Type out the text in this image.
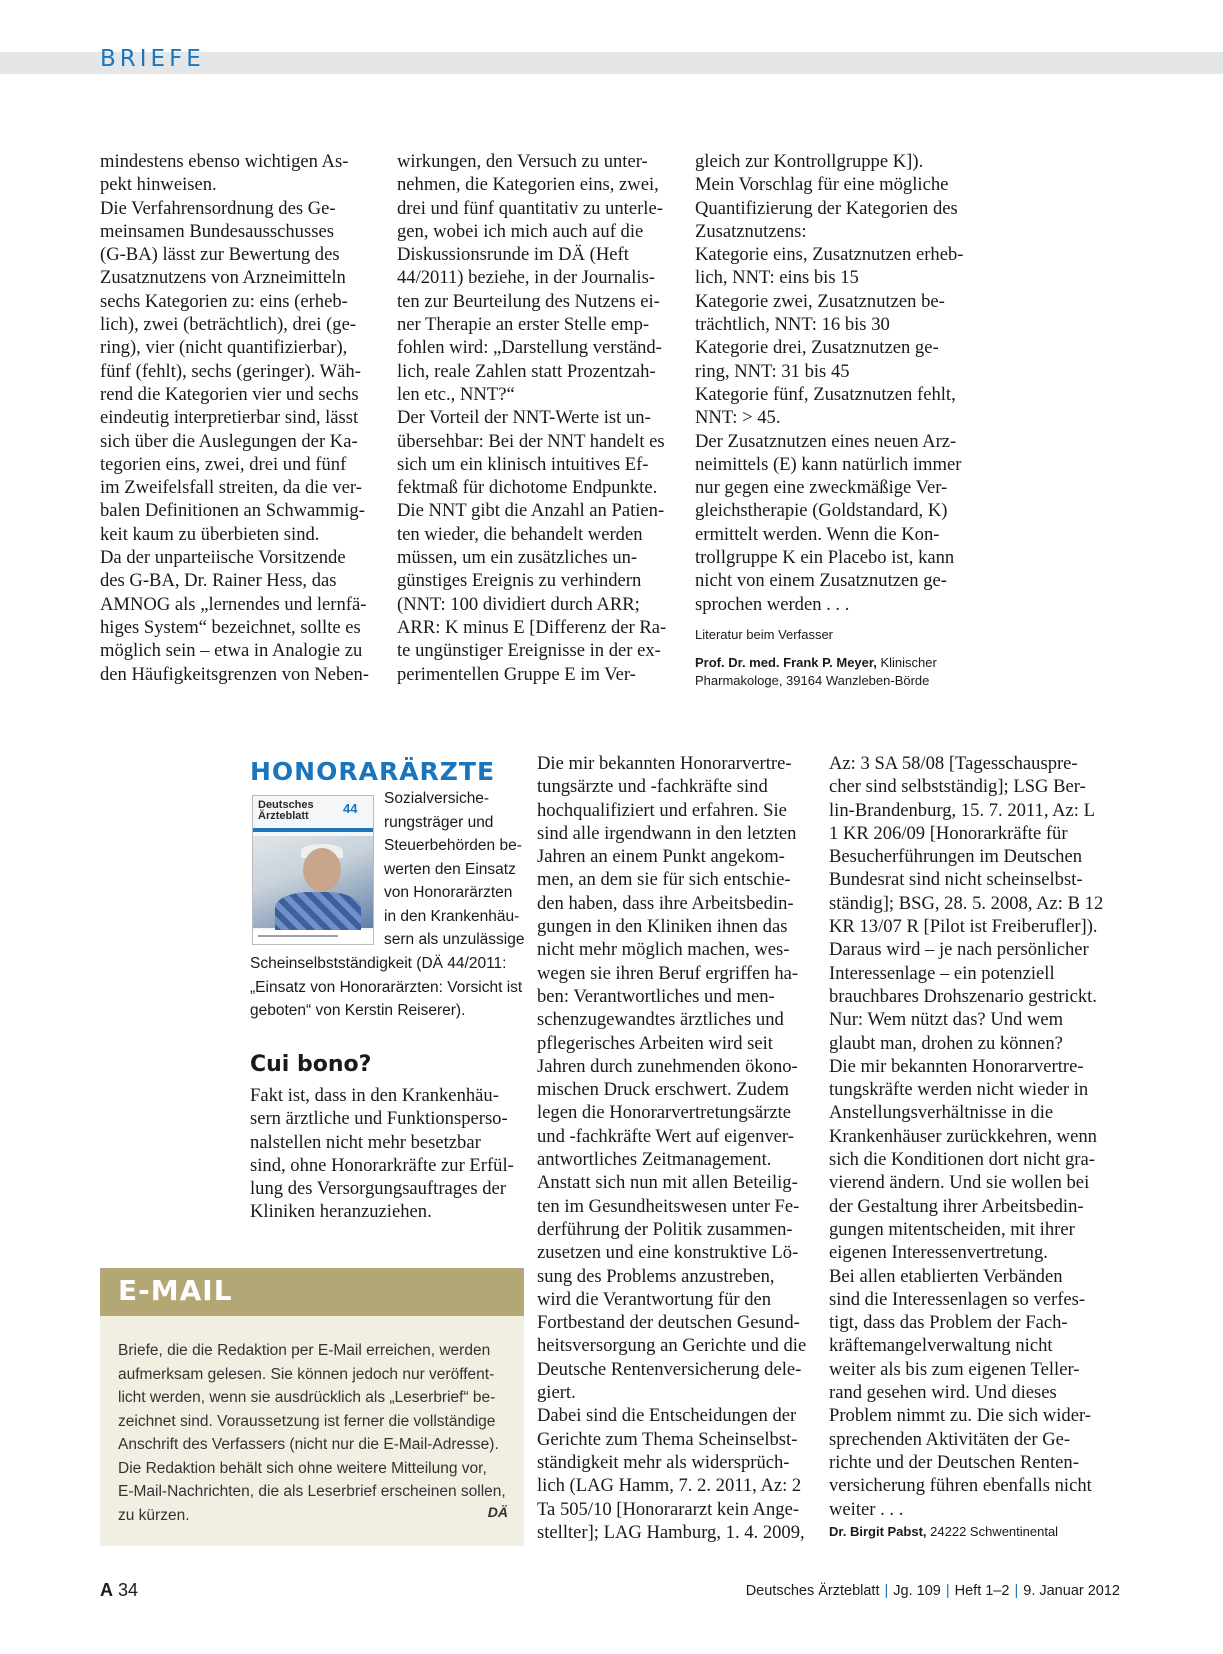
BRIEFE
mindestens ebenso wichtigen As-
pekt hinweisen.
Die Verfahrensordnung des Ge-
meinsamen Bundesausschusses
(G-BA) lässt zur Bewertung des
Zusatznutzens von Arzneimitteln
sechs Kategorien zu: eins (erheb-
lich), zwei (beträchtlich), drei (ge-
ring), vier (nicht quantifizierbar),
fünf (fehlt), sechs (geringer). Wäh-
rend die Kategorien vier und sechs
eindeutig interpretierbar sind, lässt
sich über die Auslegungen der Ka-
tegorien eins, zwei, drei und fünf
im Zweifelsfall streiten, da die ver-
balen Definitionen an Schwammig-
keit kaum zu überbieten sind.
Da der unparteiische Vorsitzende
des G-BA, Dr. Rainer Hess, das
AMNOG als „lernendes und lernfä-
higes System“ bezeichnet, sollte es
möglich sein – etwa in Analogie zu
den Häufigkeitsgrenzen von Neben-
wirkungen, den Versuch zu unter-
nehmen, die Kategorien eins, zwei,
drei und fünf quantitativ zu unterle-
gen, wobei ich mich auch auf die
Diskussionsrunde im DÄ (Heft
44/2011) beziehe, in der Journalis-
ten zur Beurteilung des Nutzens ei-
ner Therapie an erster Stelle emp-
fohlen wird: „Darstellung verständ-
lich, reale Zahlen statt Prozentzah-
len etc., NNT?“
Der Vorteil der NNT-Werte ist un-
übersehbar: Bei der NNT handelt es
sich um ein klinisch intuitives Ef-
fektmaß für dichotome Endpunkte.
Die NNT gibt die Anzahl an Patien-
ten wieder, die behandelt werden
müssen, um ein zusätzliches un-
günstiges Ereignis zu verhindern
(NNT: 100 dividiert durch ARR;
ARR: K minus E [Differenz der Ra-
te ungünstiger Ereignisse in der ex-
perimentellen Gruppe E im Ver-
gleich zur Kontrollgruppe K]).
Mein Vorschlag für eine mögliche
Quantifizierung der Kategorien des
Zusatznutzens:
Kategorie eins, Zusatznutzen erheb-
lich, NNT: eins bis 15
Kategorie zwei, Zusatznutzen be-
trächtlich, NNT: 16 bis 30
Kategorie drei, Zusatznutzen ge-
ring, NNT: 31 bis 45
Kategorie fünf, Zusatznutzen fehlt,
NNT: > 45.
Der Zusatznutzen eines neuen Arz-
neimittels (E) kann natürlich immer
nur gegen eine zweckmäßige Ver-
gleichstherapie (Goldstandard, K)
ermittelt werden. Wenn die Kon-
trollgruppe K ein Placebo ist, kann
nicht von einem Zusatznutzen ge-
sprochen werden . . .
Literatur beim Verfasser
Prof. Dr. med. Frank P. Meyer, Klinischer
Pharmakologe, 39164 Wanzleben-Börde
HONORARÄRZTE
Deutsches
Ärzteblatt	44
Sozialversiche-
rungsträger und
Steuerbehörden be-
werten den Einsatz
von Honorarärzten
in den Krankenhäu-
sern als unzulässige
Scheinselbstständigkeit (DÄ 44/2011:
„Einsatz von Honorarärzten: Vorsicht ist
geboten“ von Kerstin Reiserer).
Cui bono?
Fakt ist, dass in den Krankenhäu-
sern ärztliche und Funktionsperso-
nalstellen nicht mehr besetzbar
sind, ohne Honorarkräfte zur Erfül-
lung des Versorgungsauftrages der
Kliniken heranzuziehen.
Die mir bekannten Honorarvertre-
tungsärzte und -fachkräfte sind
hochqualifiziert und erfahren. Sie
sind alle irgendwann in den letzten
Jahren an einem Punkt angekom-
men, an dem sie für sich entschie-
den haben, dass ihre Arbeitsbedin-
gungen in den Kliniken ihnen das
nicht mehr möglich machen, wes-
wegen sie ihren Beruf ergriffen ha-
ben: Verantwortliches und men-
schenzugewandtes ärztliches und
pflegerisches Arbeiten wird seit
Jahren durch zunehmenden ökono-
mischen Druck erschwert. Zudem
legen die Honorarvertretungsärzte
und -fachkräfte Wert auf eigenver-
antwortliches Zeitmanagement.
Anstatt sich nun mit allen Beteilig-
ten im Gesundheitswesen unter Fe-
derführung der Politik zusammen-
zusetzen und eine konstruktive Lö-
sung des Problems anzustreben,
wird die Verantwortung für den
Fortbestand der deutschen Gesund-
heitsversorgung an Gerichte und die
Deutsche Rentenversicherung dele-
giert.
Dabei sind die Entscheidungen der
Gerichte zum Thema Scheinselbst-
ständigkeit mehr als widersprüch-
lich (LAG Hamm, 7. 2. 2011, Az: 2
Ta 505/10 [Honorararzt kein Ange-
stellter]; LAG Hamburg, 1. 4. 2009,
Az: 3 SA 58/08 [Tagesschauspre-
cher sind selbstständig]; LSG Ber-
lin-Brandenburg, 15. 7. 2011, Az: L
1 KR 206/09 [Honorarkräfte für
Besucherführungen im Deutschen
Bundesrat sind nicht scheinselbst-
ständig]; BSG, 28. 5. 2008, Az: B 12
KR 13/07 R [Pilot ist Freiberufler]).
Daraus wird – je nach persönlicher
Interessenlage – ein potenziell
brauchbares Drohszenario gestrickt.
Nur: Wem nützt das? Und wem
glaubt man, drohen zu können?
Die mir bekannten Honorarvertre-
tungskräfte werden nicht wieder in
Anstellungsverhältnisse in die
Krankenhäuser zurückkehren, wenn
sich die Konditionen dort nicht gra-
vierend ändern. Und sie wollen bei
der Gestaltung ihrer Arbeitsbedin-
gungen mitentscheiden, mit ihrer
eigenen Interessenvertretung.
Bei allen etablierten Verbänden
sind die Interessenlagen so verfes-
tigt, dass das Problem der Fach-
kräftemangelverwaltung nicht
weiter als bis zum eigenen Teller-
rand gesehen wird. Und dieses
Problem nimmt zu. Die sich wider-
sprechenden Aktivitäten der Ge-
richte und der Deutschen Renten-
versicherung führen ebenfalls nicht
weiter . . .
Dr. Birgit Pabst, 24222 Schwentinental
E-MAIL
Briefe, die die Redaktion per E-Mail erreichen, werden
aufmerksam gelesen. Sie können jedoch nur veröffent-
licht werden, wenn sie ausdrücklich als „Leserbrief“ be-
zeichnet sind. Voraussetzung ist ferner die vollständige
Anschrift des Verfassers (nicht nur die E-Mail-Adresse).
Die Redaktion behält sich ohne weitere Mitteilung vor,
E-Mail-Nachrichten, die als Leserbrief erscheinen sollen,
zu kürzen.	DÄ
A 34	Deutsches Ärzteblatt | Jg. 109 | Heft 1–2 | 9. Januar 2012
